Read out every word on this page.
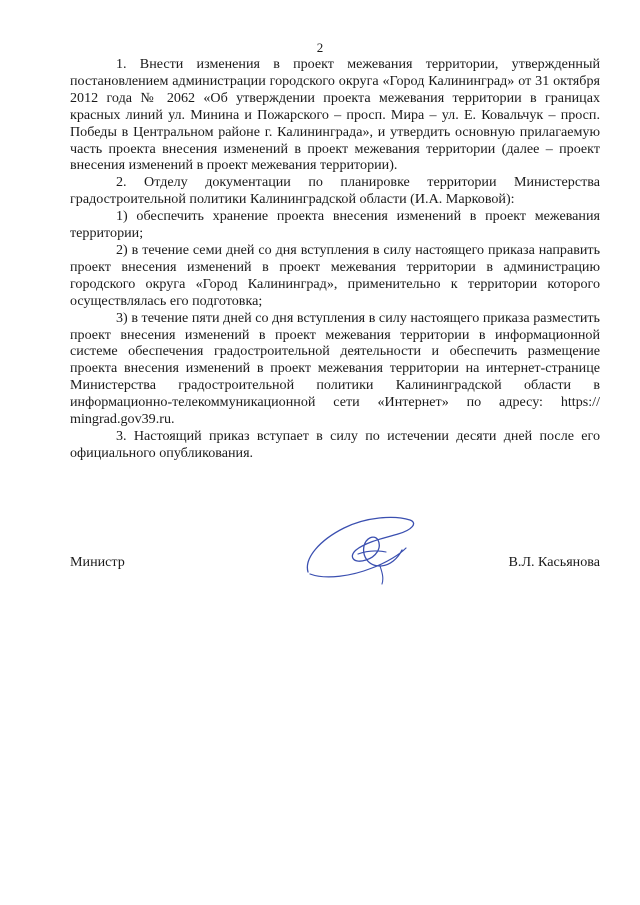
2

1. Внести изменения в проект межевания территории, утвержденный постановлением администрации городского округа «Город Калининград» от 31 октября 2012 года № 2062 «Об утверждении проекта межевания территории в границах красных линий ул. Минина и Пожарского – просп. Мира – ул. Е. Ковальчук – просп. Победы в Центральном районе г. Калининграда», и утвердить основную прилагаемую часть проекта внесения изменений в проект межевания территории (далее – проект внесения изменений в проект межевания территории).

2. Отделу документации по планировке территории Министерства градостроительной политики Калининградской области (И.А. Марковой):

1) обеспечить хранение проекта внесения изменений в проект межевания территории;

2) в течение семи дней со дня вступления в силу настоящего приказа направить проект внесения изменений в проект межевания территории в администрацию городского округа «Город Калининград», применительно к территории которого осуществлялась его подготовка;

3) в течение пяти дней со дня вступления в силу настоящего приказа разместить проект внесения изменений в проект межевания территории в информационной системе обеспечения градостроительной деятельности и обеспечить размещение проекта внесения изменений в проект межевания территории на интернет-странице Министерства градостроительной политики Калининградской области в информационно-телекоммуникационной сети «Интернет» по адресу: https:// mingrad.gov39.ru.

3. Настоящий приказ вступает в силу по истечении десяти дней после его официального опубликования.

Министр	В.Л. Касьянова
